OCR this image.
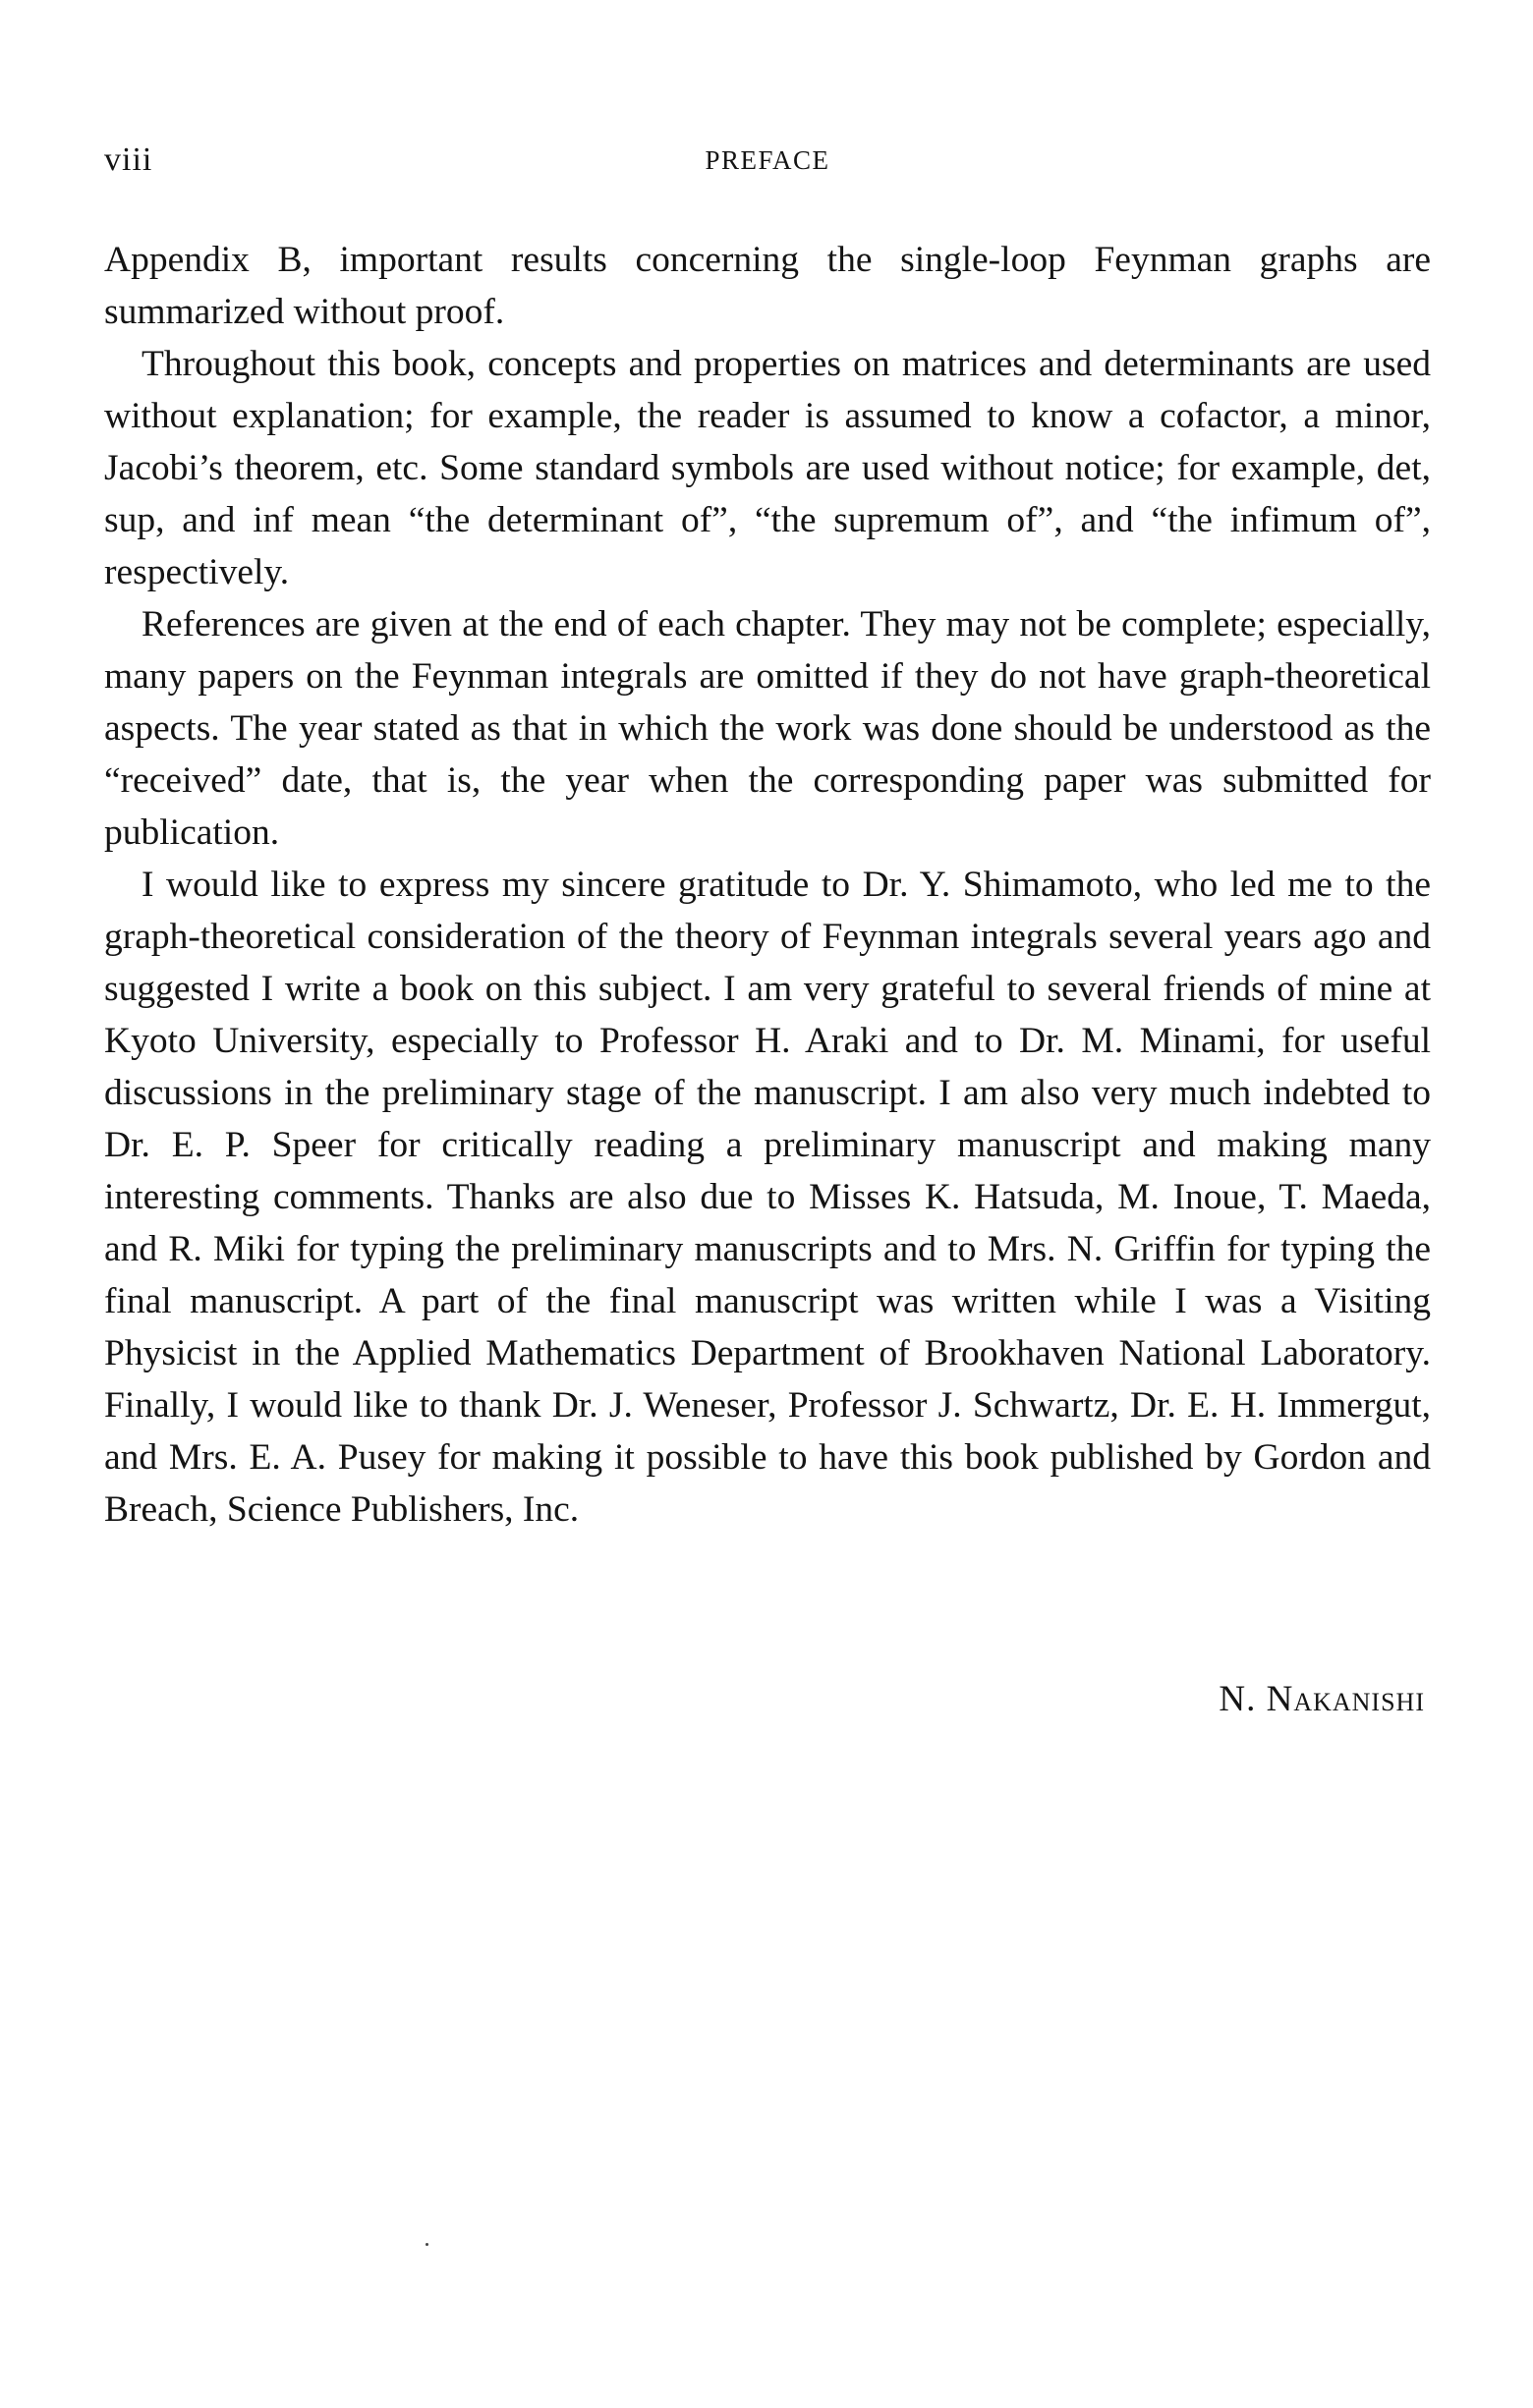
viii	PREFACE

Appendix B, important results concerning the single-loop Feynman graphs are summarized without proof.

Throughout this book, concepts and properties on matrices and determinants are used without explanation; for example, the reader is assumed to know a cofactor, a minor, Jacobi’s theorem, etc. Some standard symbols are used without notice; for example, det, sup, and inf mean “the determinant of”, “the supremum of”, and “the infimum of”, respectively.

References are given at the end of each chapter. They may not be complete; especially, many papers on the Feynman integrals are omitted if they do not have graph-theoretical aspects. The year stated as that in which the work was done should be understood as the “received” date, that is, the year when the corresponding paper was submitted for publication.

I would like to express my sincere gratitude to Dr. Y. Shimamoto, who led me to the graph-theoretical consideration of the theory of Feynman integrals several years ago and suggested I write a book on this subject. I am very grateful to several friends of mine at Kyoto University, especially to Professor H. Araki and to Dr. M. Minami, for useful discussions in the preliminary stage of the manuscript. I am also very much indebted to Dr. E. P. Speer for critically reading a preliminary manuscript and making many interesting comments. Thanks are also due to Misses K. Hatsuda, M. Inoue, T. Maeda, and R. Miki for typing the preliminary manuscripts and to Mrs. N. Griffin for typing the final manuscript. A part of the final manuscript was written while I was a Visiting Physicist in the Applied Mathematics Department of Brookhaven National Laboratory. Finally, I would like to thank Dr. J. Weneser, Professor J. Schwartz, Dr. E. H. Immergut, and Mrs. E. A. Pusey for making it possible to have this book published by Gordon and Breach, Science Publishers, Inc.

N. Nakanishi
